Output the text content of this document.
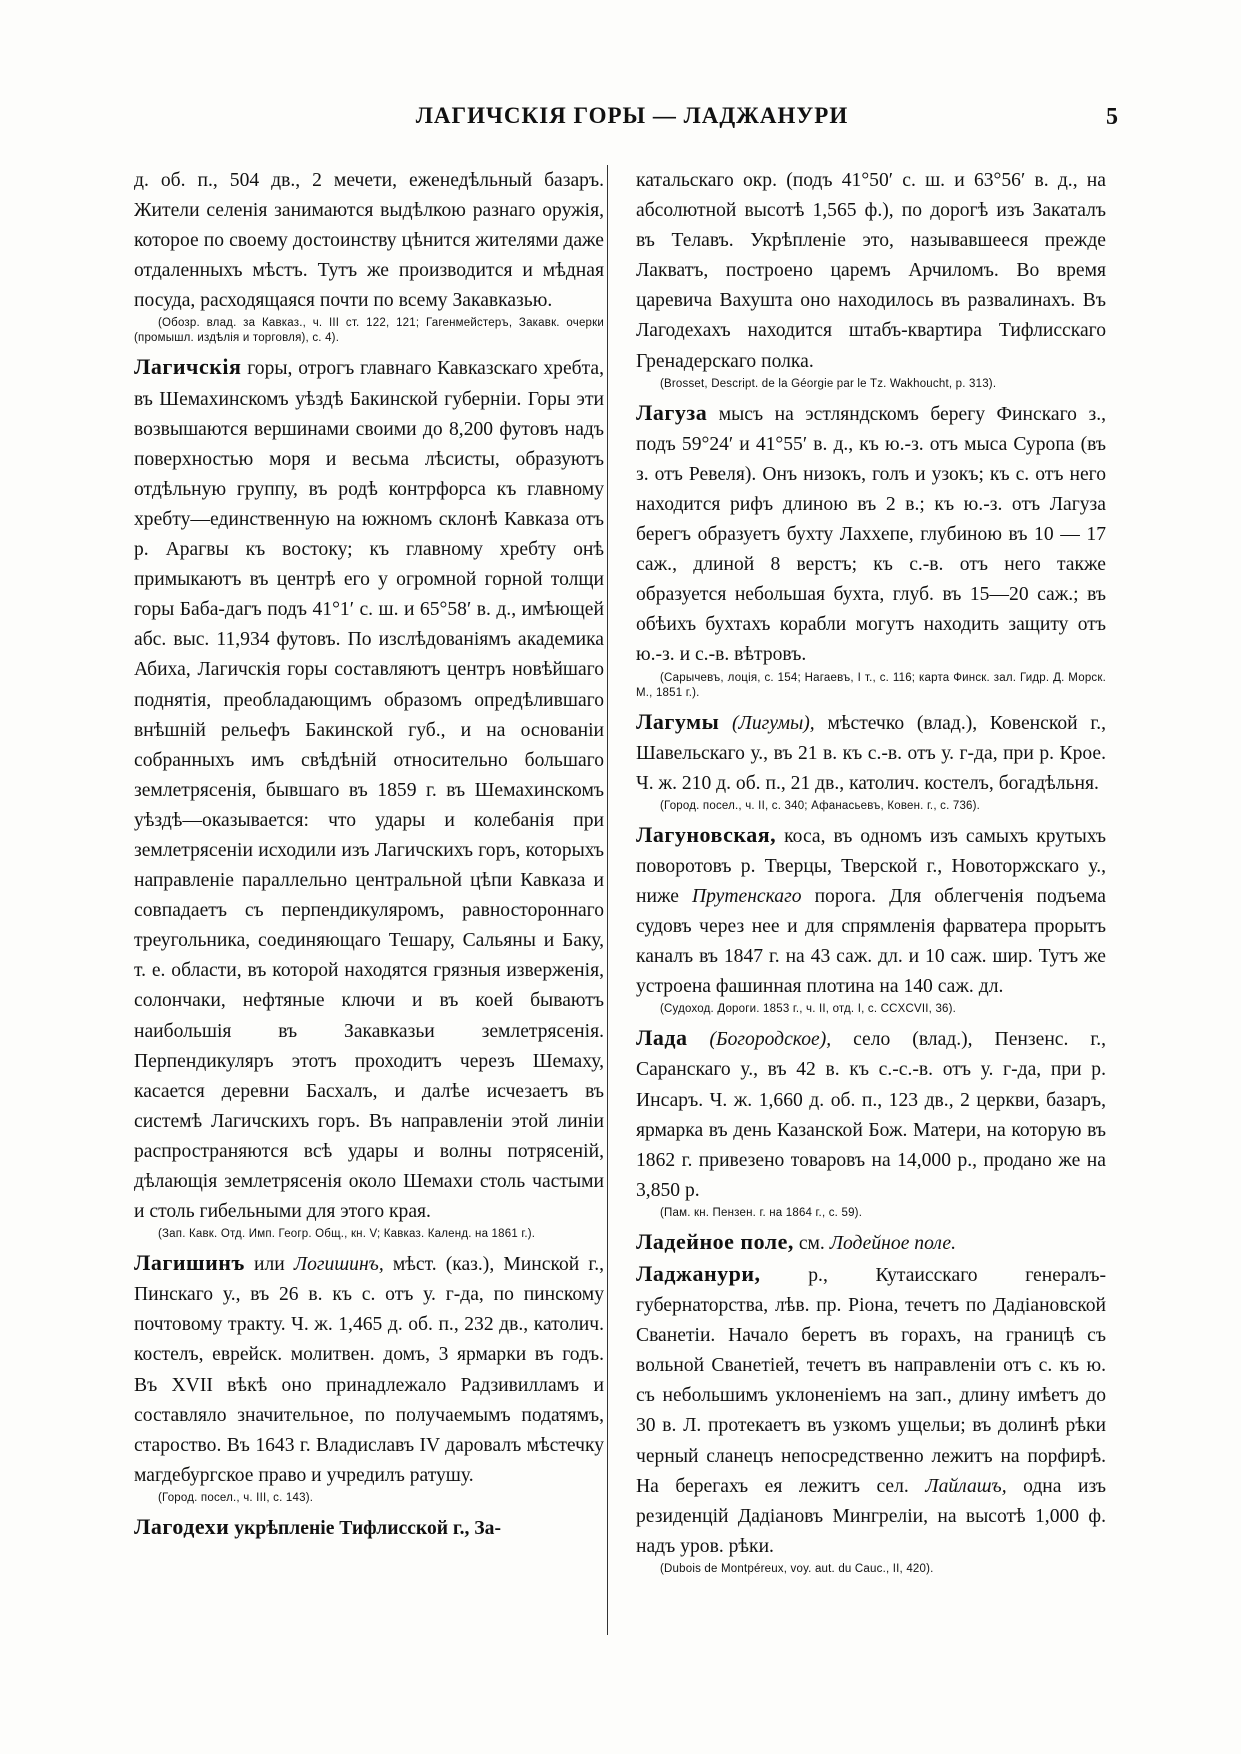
ЛАГИЧСКІЯ ГОРЫ — ЛАДЖАНУРИ	5

д. об. п., 504 дв., 2 мечети, еженедѣльный базаръ. Жители селенія занимаются выдѣлкою разнаго оружія, которое по своему достоинству цѣнится жителями даже отдаленныхъ мѣстъ. Тутъ же производится и мѣдная посуда, расходящаяся почти по всему Закавказью.

(Обозр. влад. за Кавказ., ч. III ст. 122, 121; Гагенмейстеръ, Закавк. очерки (промышл. издѣлія и торговля), с. 4).

Лагичскія горы, отрогъ главнаго Кавказскаго хребта, въ Шемахинскомъ уѣздѣ Бакинской губерніи. Горы эти возвышаются вершинами своими до 8,200 футовъ надъ поверхностью моря и весьма лѣсисты, образуютъ отдѣльную группу, въ родѣ контрфорса къ главному хребту—единственную на южномъ склонѣ Кавказа отъ р. Арагвы къ востоку; къ главному хребту онѣ примыкаютъ въ центрѣ его у огромной горной толщи горы Баба-дагъ подъ 41°1′ с. ш. и 65°58′ в. д., имѣющей абс. выс. 11,934 футовъ. По изслѣдованіямъ академика Абиха, Лагичскія горы составляютъ центръ новѣйшаго поднятія, преобладающимъ образомъ опредѣлившаго внѣшній рельефъ Бакинской губ., и на основаніи собранныхъ имъ свѣдѣній относительно большаго землетрясенія, бывшаго въ 1859 г. въ Шемахинскомъ уѣздѣ—оказывается: что удары и колебанія при землетрясеніи исходили изъ Лагичскихъ горъ, которыхъ направленіе параллельно центральной цѣпи Кавказа и совпадаетъ съ перпендикуляромъ, равностороннаго треугольника, соединяющаго Тешару, Сальяны и Баку, т. е. области, въ которой находятся грязныя изверженія, солончаки, нефтяные ключи и въ коей бываютъ наибольшія въ Закавказьи землетрясенія. Перпендикуляръ этотъ проходитъ черезъ Шемаху, касается деревни Басхалъ, и далѣе исчезаетъ въ системѣ Лагичскихъ горъ. Въ направленіи этой линіи распространяются всѣ удары и волны потрясеній, дѣлающія землетрясенія около Шемахи столь частыми и столь гибельными для этого края.

(Зап. Кавк. Отд. Имп. Геогр. Общ., кн. V; Кавказ. Календ. на 1861 г.).

Лагишинъ или Логишинъ, мѣст. (каз.), Минской г., Пинскаго у., въ 26 в. къ с. отъ у. г-да, по пинскому почтовому тракту. Ч. ж. 1,465 д. об. п., 232 дв., католич. костелъ, еврейск. молитвен. домъ, 3 ярмарки въ годъ. Въ XVII вѣкѣ оно принадлежало Радзивилламъ и составляло значительное, по получаемымъ податямъ, староство. Въ 1643 г. Владиславъ IV даровалъ мѣстечку магдебургское право и учредилъ ратушу.

(Город. посел., ч. III, с. 143).

Лагодехи укрѣпленіе Тифлисской г., За-

катальскаго окр. (подъ 41°50′ с. ш. и 63°56′ в. д., на абсолютной высотѣ 1,565 ф.), по дорогѣ изъ Закаталъ въ Телавъ. Укрѣпленіе это, называвшееся прежде Лакватъ, построено царемъ Арчиломъ. Во время царевича Вахушта оно находилось въ развалинахъ. Въ Лагодехахъ находится штабъ-квартира Тифлисскаго Гренадерскаго полка.

(Brosset, Descript. de la Géorgie par le Tz. Wakhoucht, p. 313).

Лагуза мысъ на эстляндскомъ берегу Финскаго з., подъ 59°24′ и 41°55′ в. д., къ ю.-з. отъ мыса Суропа (въ з. отъ Ревеля). Онъ низокъ, голъ и узокъ; къ с. отъ него находится рифъ длиною въ 2 в.; къ ю.-з. отъ Лагуза берегъ образуетъ бухту Лаххепе, глубиною въ 10 — 17 саж., длиной 8 верстъ; къ с.-в. отъ него также образуется небольшая бухта, глуб. въ 15—20 саж.; въ обѣихъ бухтахъ корабли могутъ находить защиту отъ ю.-з. и с.-в. вѣтровъ.

(Сарычевъ, лоція, с. 154; Нагаевъ, I т., с. 116; карта Финск. зал. Гидр. Д. Морск. М., 1851 г.).

Лагумы (Лигумы), мѣстечко (влад.), Ковенской г., Шавельскаго у., въ 21 в. къ с.-в. отъ у. г-да, при р. Крое. Ч. ж. 210 д. об. п., 21 дв., католич. костелъ, богадѣльня.

(Город. посел., ч. II, с. 340; Афанасьевъ, Ковен. г., с. 736).

Лагуновская, коса, въ одномъ изъ самыхъ крутыхъ поворотовъ р. Тверцы, Тверской г., Новоторжскаго у., ниже Прутенскаго порога. Для облегченія подъема судовъ через нее и для спрямленія фарватера прорытъ каналъ въ 1847 г. на 43 саж. дл. и 10 саж. шир. Тутъ же устроена фашинная плотина на 140 саж. дл.

(Судоход. Дороги. 1853 г., ч. II, отд. I, с. CCXCVII, 36).

Лада (Богородское), село (влад.), Пензенс. г., Саранскаго у., въ 42 в. къ с.-с.-в. отъ у. г-да, при р. Инсаръ. Ч. ж. 1,660 д. об. п., 123 дв., 2 церкви, базаръ, ярмарка въ день Казанской Бож. Матери, на которую въ 1862 г. привезено товаровъ на 14,000 р., продано же на 3,850 р.

(Пам. кн. Пензен. г. на 1864 г., с. 59).

Ладейное поле, см. Лодейное поле.

Ладжанури, р., Кутаисскаго генералъ-губернаторства, лѣв. пр. Ріона, течетъ по Дадіановской Сванетіи. Начало беретъ въ горахъ, на границѣ съ вольной Сванетіей, течетъ въ направленіи отъ с. къ ю. съ небольшимъ уклоненіемъ на зап., длину имѣетъ до 30 в. Л. протекаетъ въ узкомъ ущельи; въ долинѣ рѣки черный сланецъ непосредственно лежитъ на порфирѣ. На берегахъ ея лежитъ сел. Лайлашъ, одна изъ резиденцій Дадіановъ Мингреліи, на высотѣ 1,000 ф. надъ уров. рѣки.

(Dubois de Montpéreux, voy. aut. du Cauc., II, 420).
